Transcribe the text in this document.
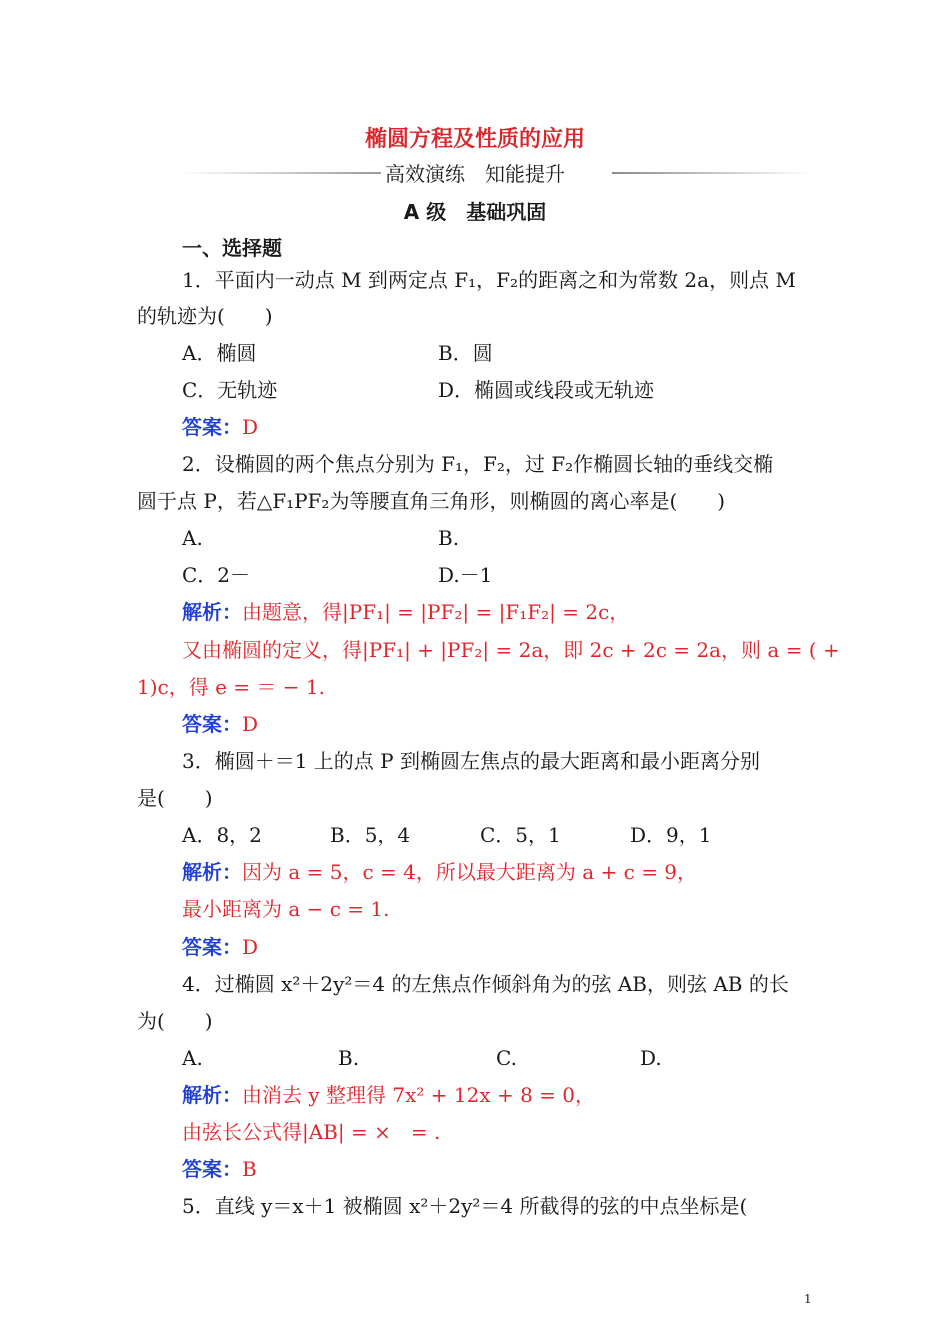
椭圆方程及性质的应用
高效演练　知能提升
A 级　基础巩固
一、选择题
1．平面内一动点 M 到两定点 F₁，F₂的距离之和为常数 2a，则点 M
的轨迹为(　　)
A．椭圆	B．圆
C．无轨迹	D．椭圆或线段或无轨迹
答案：D
2．设椭圆的两个焦点分别为 F₁，F₂，过 F₂作椭圆长轴的垂线交椭
圆于点 P，若△F₁PF₂为等腰直角三角形，则椭圆的离心率是(　　)
A.	B.
C．2－	D.－1
解析：由题意，得|PF₁| = |PF₂| = |F₁F₂| = 2c，
又由椭圆的定义，得|PF₁| + |PF₂| = 2a，即 2c + 2c = 2a，则 a = ( +
1)c，得 e = ＝ − 1.
答案：D
3．椭圆＋＝1 上的点 P 到椭圆左焦点的最大距离和最小距离分别
是(　　)
A．8，2	B．5，4	C．5，1	D．9，1
解析：因为 a = 5，c = 4，所以最大距离为 a + c = 9，
最小距离为 a − c = 1.
答案：D
4．过椭圆 x²＋2y²＝4 的左焦点作倾斜角为的弦 AB，则弦 AB 的长
为(　　)
A.	B.	C.	D.
解析：由消去 y 整理得 7x² + 12x + 8 = 0，
由弦长公式得|AB| = ×　= .
答案：B
5．直线 y＝x＋1 被椭圆 x²＋2y²＝4 所截得的弦的中点坐标是(
1
